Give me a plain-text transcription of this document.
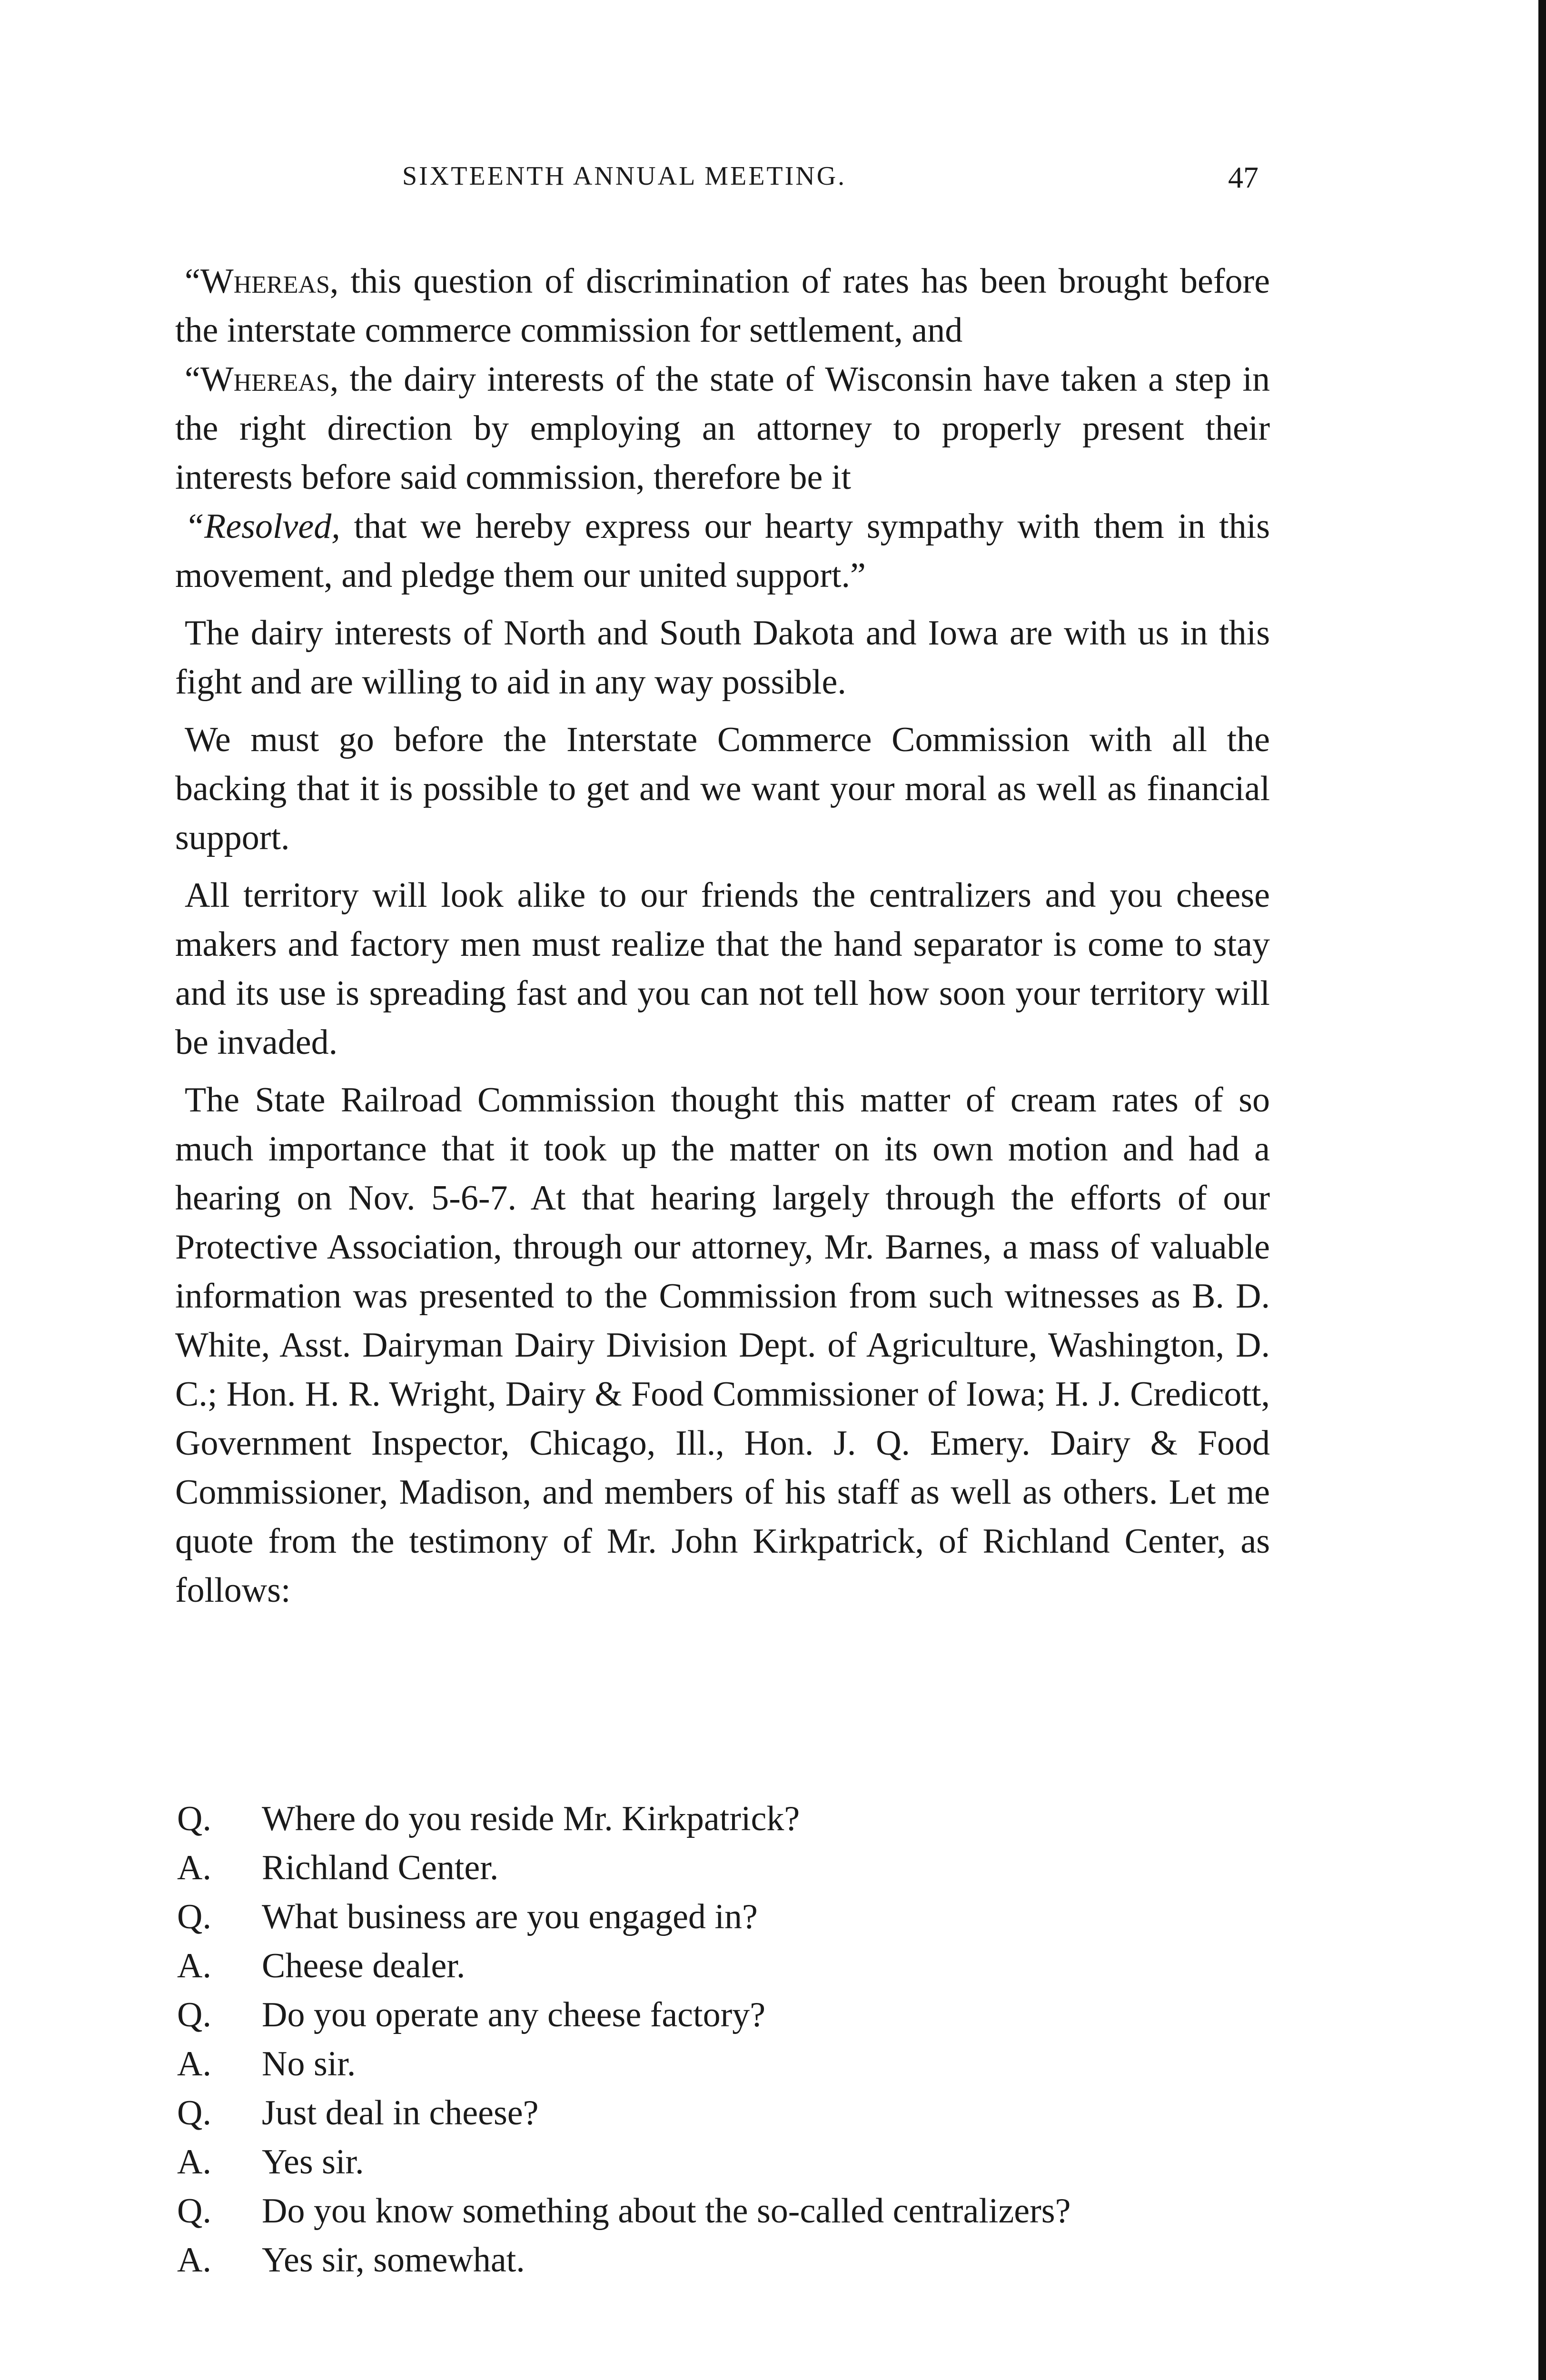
SIXTEENTH ANNUAL MEETING.	47

“Whereas, this question of discrimination of rates has been brought before the interstate commerce commission for settlement, and

“Whereas, the dairy interests of the state of Wisconsin have taken a step in the right direction by employing an attorney to properly present their interests before said commission, therefore be it

“Resolved, that we hereby express our hearty sympathy with them in this movement, and pledge them our united support.”

The dairy interests of North and South Dakota and Iowa are with us in this fight and are willing to aid in any way possible.

We must go before the Interstate Commerce Commission with all the backing that it is possible to get and we want your moral as well as financial support.

All territory will look alike to our friends the centralizers and you cheese makers and factory men must realize that the hand separator is come to stay and its use is spreading fast and you can not tell how soon your territory will be invaded.

The State Railroad Commission thought this matter of cream rates of so much importance that it took up the matter on its own motion and had a hearing on Nov. 5-6-7. At that hearing largely through the efforts of our Protective Association, through our attorney, Mr. Barnes, a mass of valuable information was presented to the Commission from such witnesses as B. D. White, Asst. Dairyman Dairy Division Dept. of Agriculture, Washington, D. C.; Hon. H. R. Wright, Dairy & Food Commissioner of Iowa; H. J. Credicott, Government Inspector, Chicago, Ill., Hon. J. Q. Emery. Dairy & Food Commissioner, Madison, and members of his staff as well as others. Let me quote from the testimony of Mr. John Kirkpatrick, of Richland Center, as follows:

Q.	Where do you reside Mr. Kirkpatrick?
A.	Richland Center.
Q.	What business are you engaged in?
A.	Cheese dealer.
Q.	Do you operate any cheese factory?
A.	No sir.
Q.	Just deal in cheese?
A.	Yes sir.
Q.	Do you know something about the so-called centralizers?
A.	Yes sir, somewhat.
